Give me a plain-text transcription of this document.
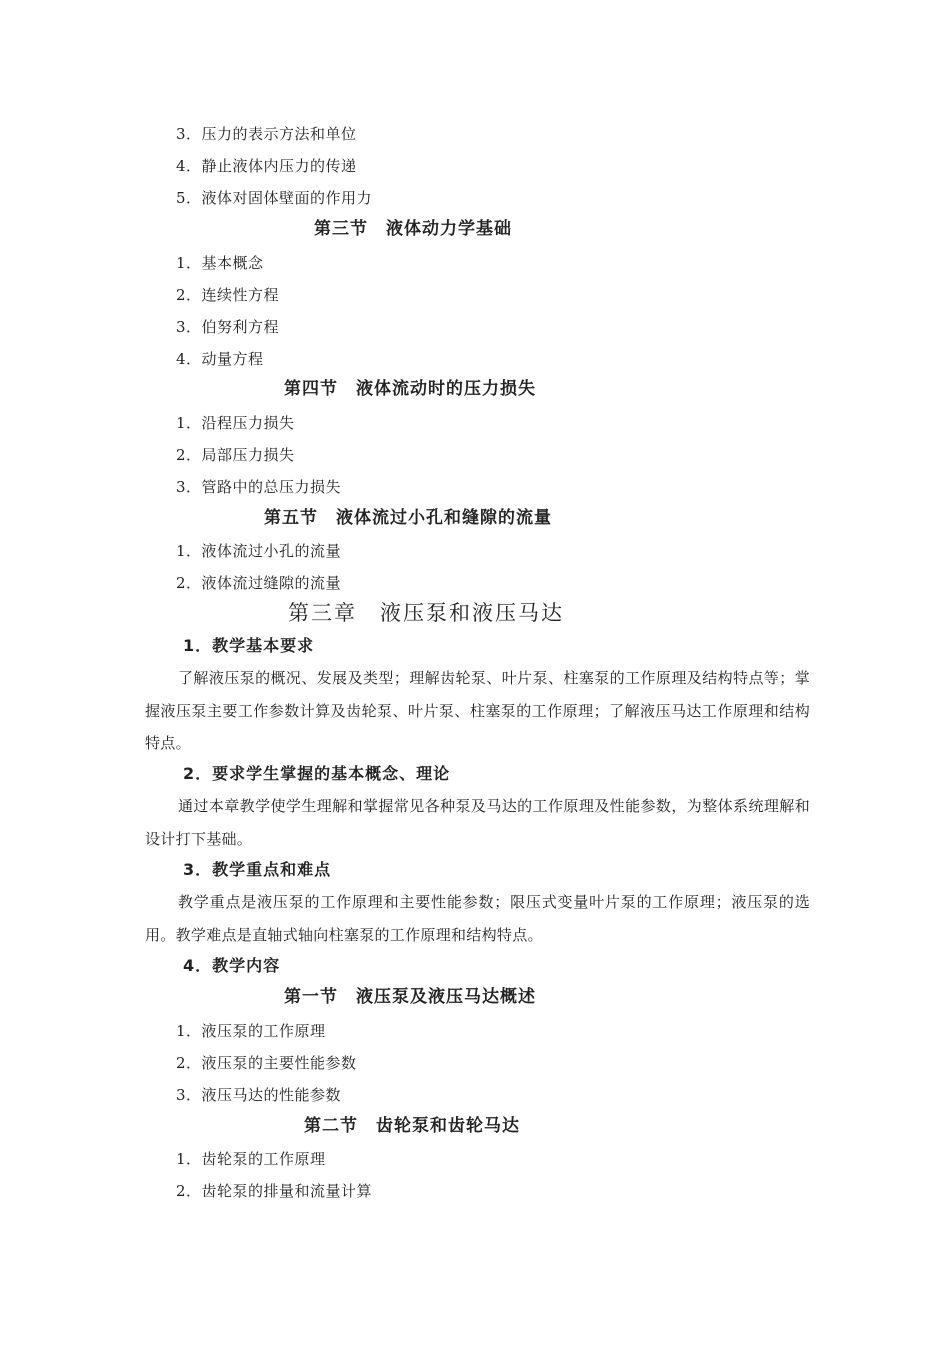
3．压力的表示方法和单位
4．静止液体内压力的传递
5．液体对固体壁面的作用力
第三节　液体动力学基础
1．基本概念
2．连续性方程
3．伯努利方程
4．动量方程
第四节　液体流动时的压力损失
1．沿程压力损失
2．局部压力损失
3．管路中的总压力损失
第五节　液体流过小孔和缝隙的流量
1．液体流过小孔的流量
2．液体流过缝隙的流量
第三章　液压泵和液压马达
1．教学基本要求
了解液压泵的概况、发展及类型；理解齿轮泵、叶片泵、柱塞泵的工作原理及结构特点等；掌握液压泵主要工作参数计算及齿轮泵、叶片泵、柱塞泵的工作原理；了解液压马达工作原理和结构特点。
2．要求学生掌握的基本概念、理论
通过本章教学使学生理解和掌握常见各种泵及马达的工作原理及性能参数，为整体系统理解和设计打下基础。
3．教学重点和难点
教学重点是液压泵的工作原理和主要性能参数；限压式变量叶片泵的工作原理；液压泵的选用。教学难点是直轴式轴向柱塞泵的工作原理和结构特点。
4．教学内容
第一节　液压泵及液压马达概述
1．液压泵的工作原理
2．液压泵的主要性能参数
3．液压马达的性能参数
第二节　齿轮泵和齿轮马达
1．齿轮泵的工作原理
2．齿轮泵的排量和流量计算
